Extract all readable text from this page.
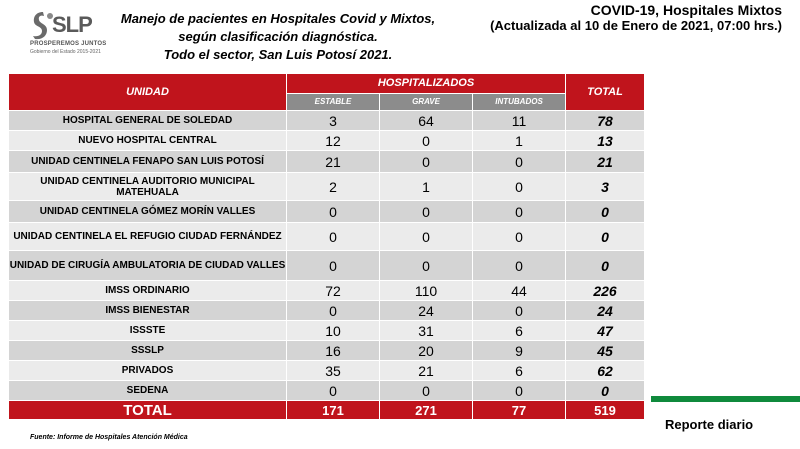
SLP
PROSPEREMOS JUNTOS
Gobierno del Estado 2015-2021
Manejo de pacientes en Hospitales Covid y Mixtos,
según clasificación diagnóstica.
Todo el sector, San Luis Potosí 2021.
COVID-19, Hospitales Mixtos
(Actualizada al 10 de Enero de 2021, 07:00 hrs.)
UNIDAD	HOSPITALIZADOS			TOTAL
	ESTABLE	GRAVE	INTUBADOS	
HOSPITAL GENERAL DE SOLEDAD	3	64	11	78
NUEVO HOSPITAL CENTRAL	12	0	1	13
UNIDAD CENTINELA FENAPO SAN LUIS POTOSÍ	21	0	0	21
UNIDAD CENTINELA AUDITORIO MUNICIPAL MATEHUALA	2	1	0	3
UNIDAD CENTINELA GÓMEZ MORÍN VALLES	0	0	0	0
UNIDAD CENTINELA EL REFUGIO CIUDAD FERNÁNDEZ	0	0	0	0
UNIDAD DE CIRUGÍA AMBULATORIA DE CIUDAD VALLES	0	0	0	0
IMSS ORDINARIO	72	110	44	226
IMSS BIENESTAR	0	24	0	24
ISSSTE	10	31	6	47
SSSLP	16	20	9	45
PRIVADOS	35	21	6	62
SEDENA	0	0	0	0
TOTAL	171	271	77	519
Reporte diario
Fuente: Informe de Hospitales Atención Médica
